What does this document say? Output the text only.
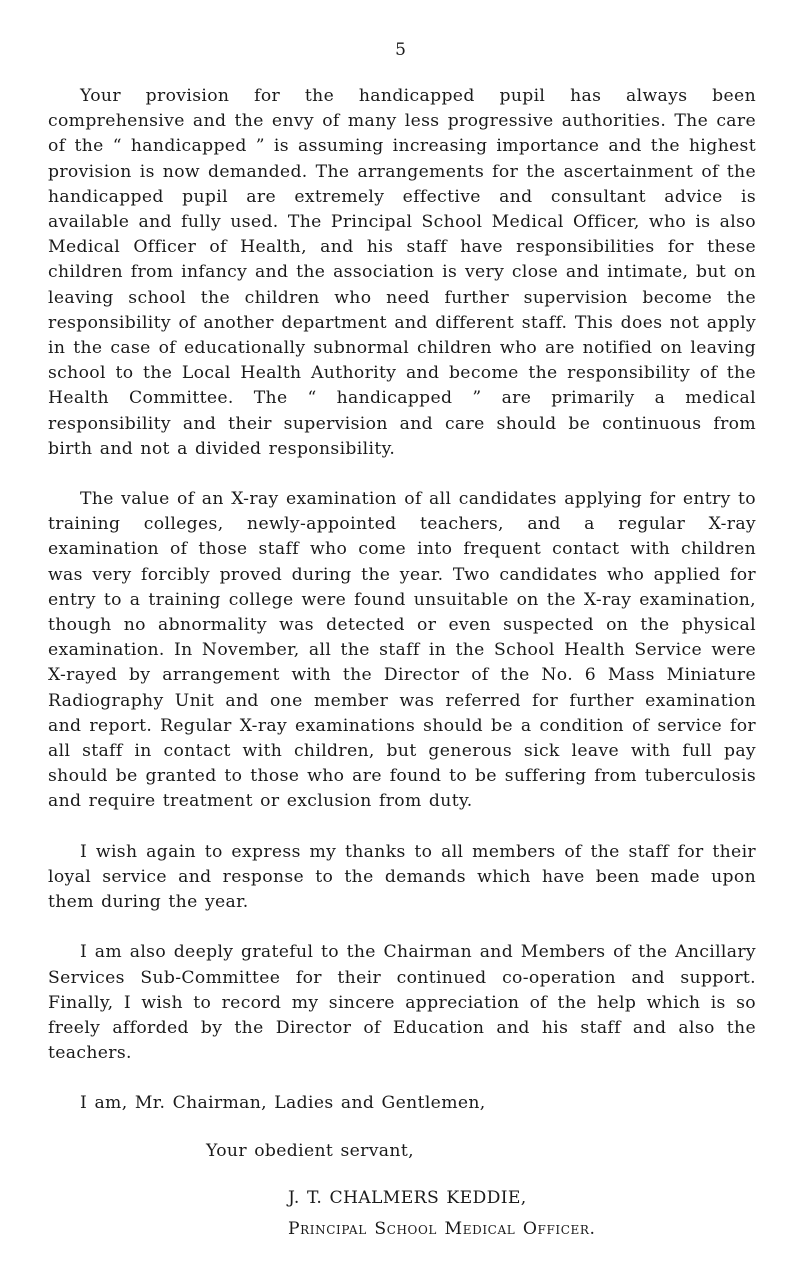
5

Your provision for the handicapped pupil has always been comprehensive and the envy of many less progressive authorities. The care of the “ handicapped ” is assuming increasing importance and the highest provision is now demanded. The arrangements for the ascertainment of the handicapped pupil are extremely effective and consultant advice is available and fully used. The Principal School Medical Officer, who is also Medical Officer of Health, and his staff have responsibilities for these children from infancy and the association is very close and intimate, but on leaving school the children who need further supervision become the responsibility of another department and different staff. This does not apply in the case of educationally subnormal children who are notified on leaving school to the Local Health Authority and become the responsibility of the Health Committee. The “ handicapped ” are primarily a medical responsibility and their supervision and care should be continuous from birth and not a divided responsibility.

The value of an X-ray examination of all candidates applying for entry to training colleges, newly-appointed teachers, and a regular X-ray examination of those staff who come into frequent contact with children was very forcibly proved during the year. Two candidates who applied for entry to a training college were found unsuitable on the X-ray examination, though no abnormality was detected or even suspected on the physical examination. In November, all the staff in the School Health Service were X-rayed by arrangement with the Director of the No. 6 Mass Miniature Radiography Unit and one member was referred for further examination and report. Regular X-ray examinations should be a condition of service for all staff in contact with children, but generous sick leave with full pay should be granted to those who are found to be suffering from tuberculosis and require treatment or exclusion from duty.

I wish again to express my thanks to all members of the staff for their loyal service and response to the demands which have been made upon them during the year.

I am also deeply grateful to the Chairman and Members of the Ancillary Services Sub-Committee for their continued co-operation and support. Finally, I wish to record my sincere appreciation of the help which is so freely afforded by the Director of Education and his staff and also the teachers.

I am, Mr. Chairman, Ladies and Gentlemen,

Your obedient servant,

J. T. CHALMERS KEDDIE,

Principal School Medical Officer.
